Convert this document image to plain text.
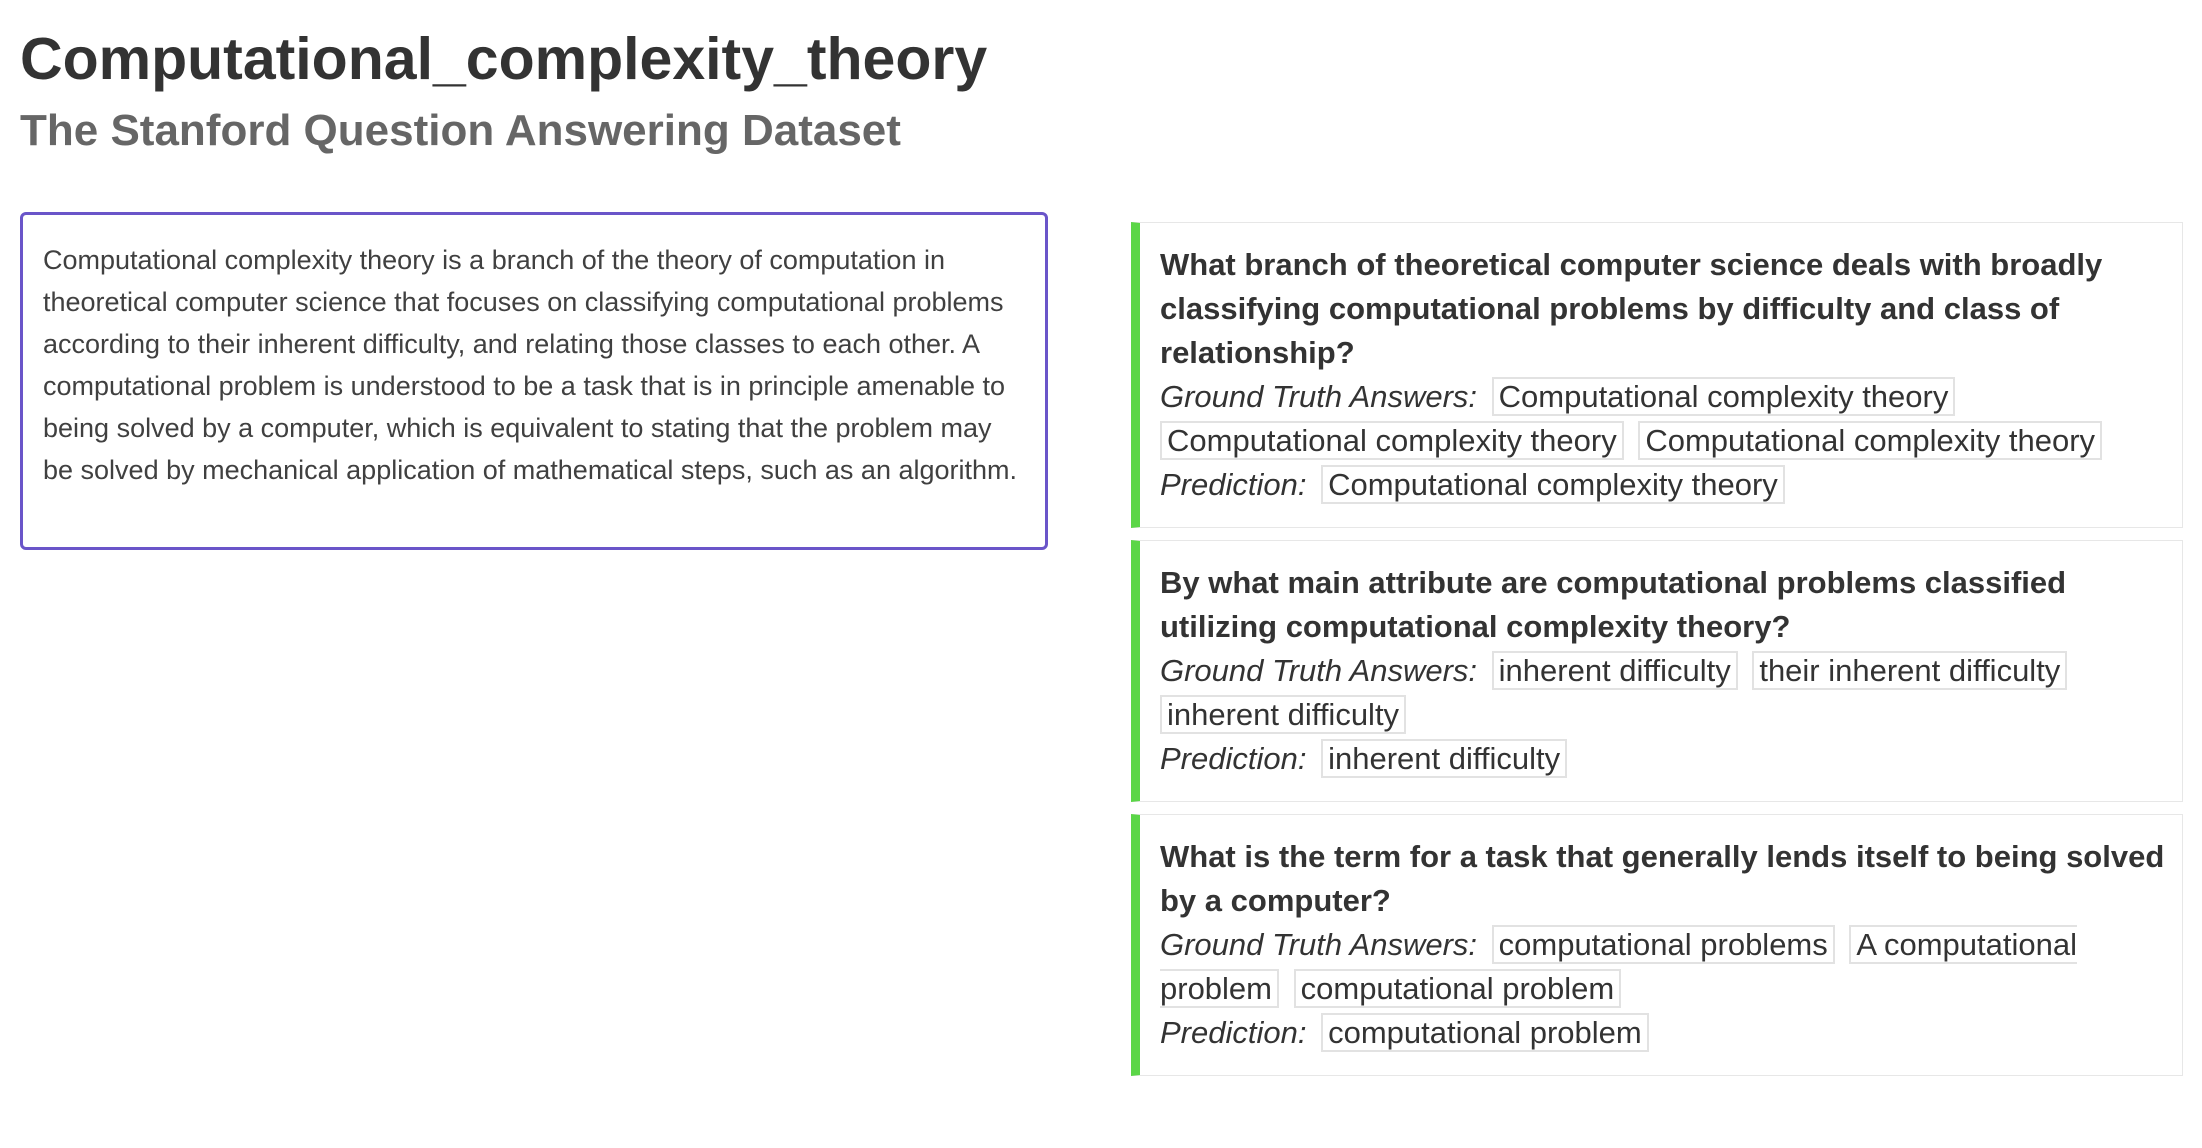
Computational_complexity_theory
The Stanford Question Answering Dataset
Computational complexity theory is a branch of the theory of computation in theoretical computer science that focuses on classifying computational problems according to their inherent difficulty, and relating those classes to each other. A computational problem is understood to be a task that is in principle amenable to being solved by a computer, which is equivalent to stating that the problem may be solved by mechanical application of mathematical steps, such as an algorithm.
What branch of theoretical computer science deals with broadly classifying computational problems by difficulty and class of relationship?
Ground Truth Answers: Computational complexity theory Computational complexity theory Computational complexity theory
Prediction: Computational complexity theory
By what main attribute are computational problems classified utilizing computational complexity theory?
Ground Truth Answers: inherent difficulty their inherent difficulty inherent difficulty
Prediction: inherent difficulty
What is the term for a task that generally lends itself to being solved by a computer?
Ground Truth Answers: computational problems A computational problem computational problem
Prediction: computational problem
